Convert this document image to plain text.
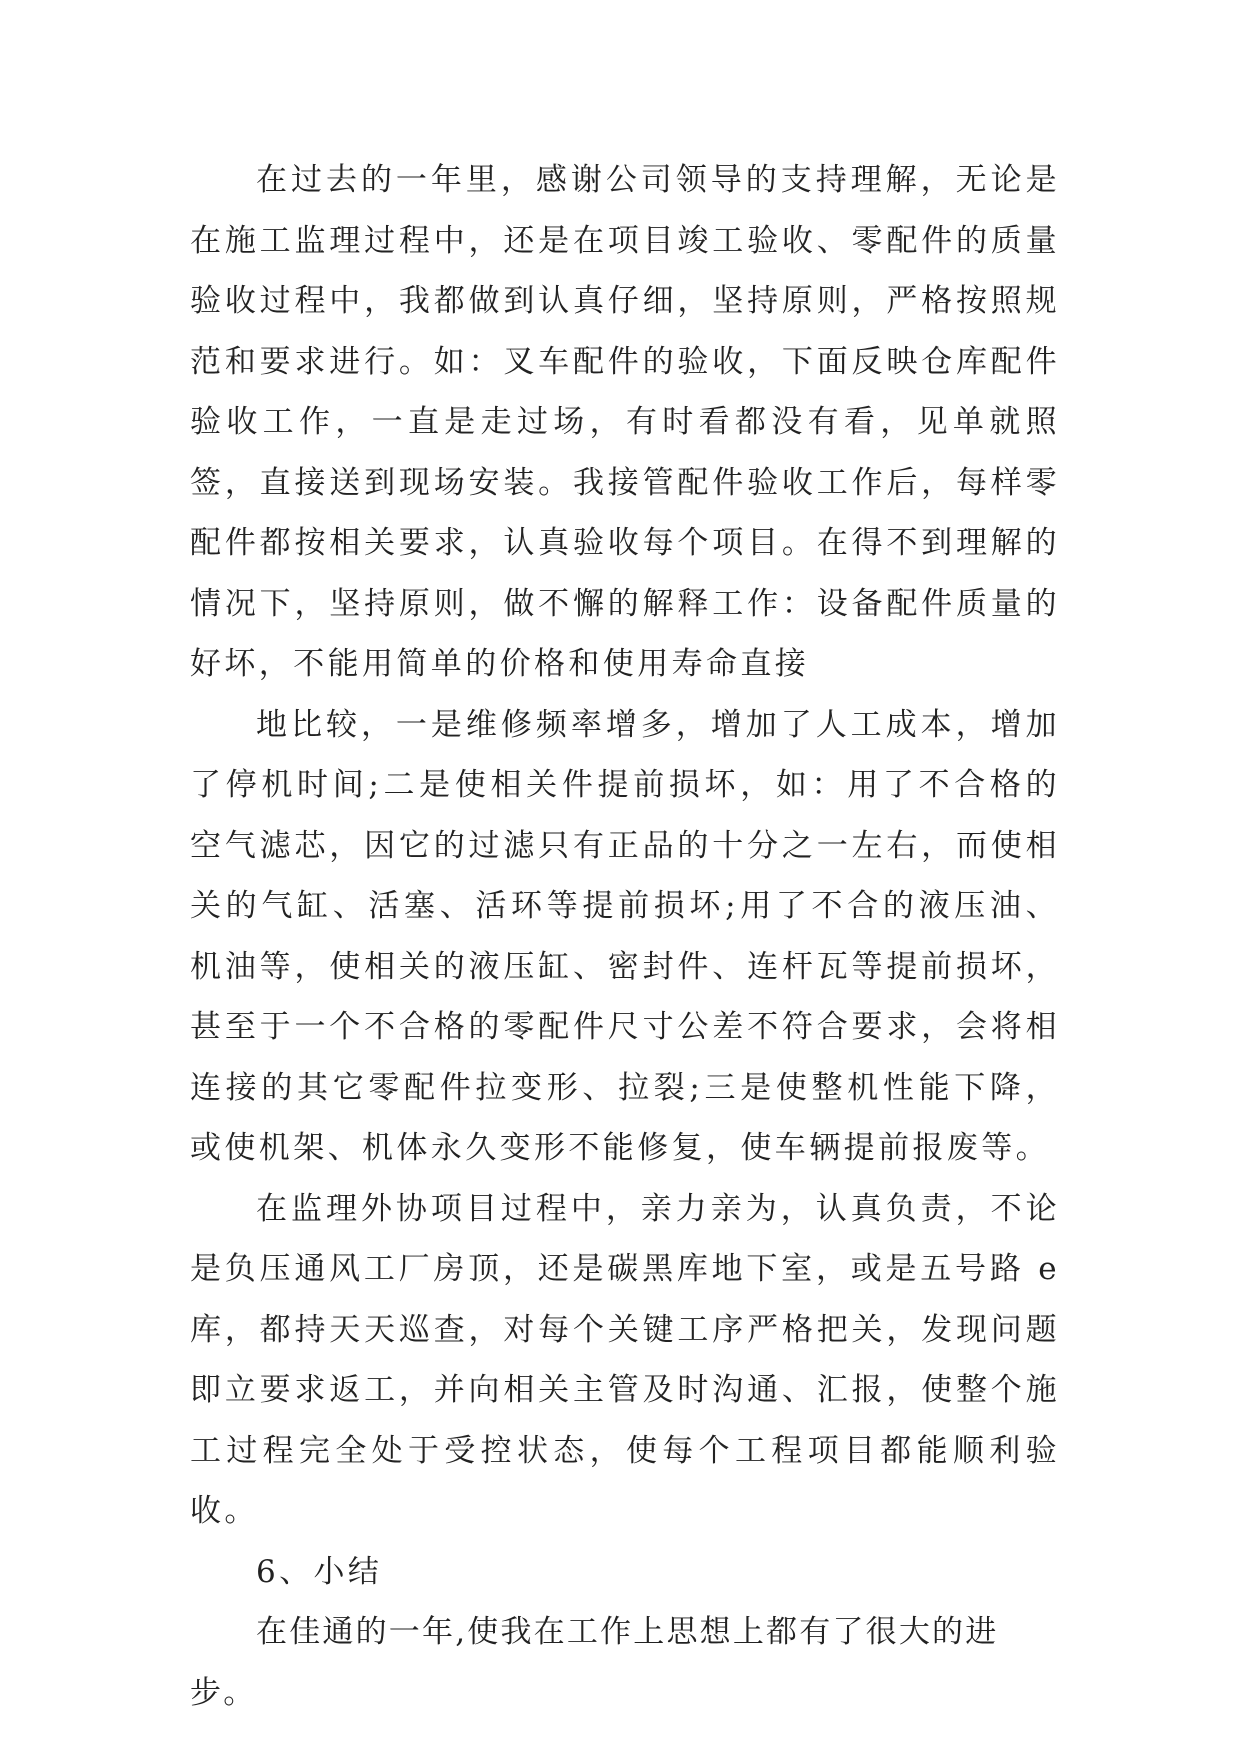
在过去的一年里，感谢公司领导的支持理解，无论是在施工监理过程中，还是在项目竣工验收、零配件的质量验收过程中，我都做到认真仔细，坚持原则，严格按照规范和要求进行。如：叉车配件的验收，下面反映仓库配件验收工作，一直是走过场，有时看都没有看，见单就照签，直接送到现场安装。我接管配件验收工作后，每样零配件都按相关要求，认真验收每个项目。在得不到理解的情况下，坚持原则，做不懈的解释工作：设备配件质量的好坏，不能用简单的价格和使用寿命直接

地比较，一是维修频率增多，增加了人工成本，增加了停机时间;二是使相关件提前损坏，如：用了不合格的空气滤芯，因它的过滤只有正品的十分之一左右，而使相关的气缸、活塞、活环等提前损坏;用了不合的液压油、机油等，使相关的液压缸、密封件、连杆瓦等提前损坏，甚至于一个不合格的零配件尺寸公差不符合要求，会将相连接的其它零配件拉变形、拉裂;三是使整机性能下降，或使机架、机体永久变形不能修复，使车辆提前报废等。

在监理外协项目过程中，亲力亲为，认真负责，不论是负压通风工厂房顶，还是碳黑库地下室，或是五号路 e 库，都持天天巡查，对每个关键工序严格把关，发现问题即立要求返工，并向相关主管及时沟通、汇报，使整个施工过程完全处于受控状态，使每个工程项目都能顺利验收。

6、小结

在佳通的一年,使我在工作上思想上都有了很大的进步。
